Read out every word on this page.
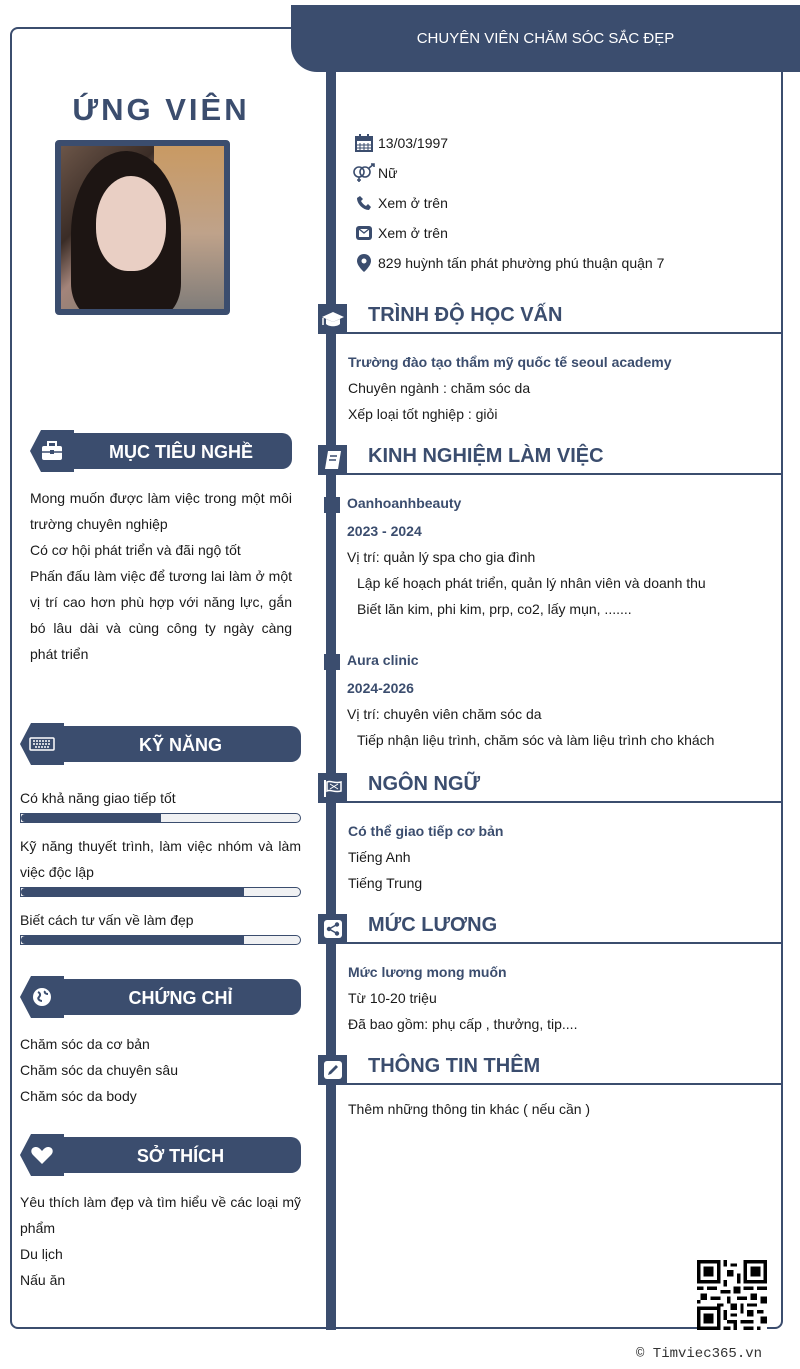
CHUYÊN VIÊN CHĂM SÓC SẮC ĐẸP
ỨNG VIÊN
13/03/1997
Nữ
Xem ở trên
Xem ở trên
829 huỳnh tấn phát phường phú thuận quận 7
TRÌNH ĐỘ HỌC VẤN
Trường đào tạo thẩm mỹ quốc tế seoul academy
Chuyên ngành : chăm sóc da
Xếp loại tốt nghiệp : giỏi
KINH NGHIỆM LÀM VIỆC
Oanhoanhbeauty
2023 - 2024
Vị trí: quản lý spa cho gia đình
Lập kế hoạch phát triển, quản lý nhân viên và doanh thu
Biết lăn kim, phi kim, prp, co2, lấy mụn, .......
Aura clinic
2024-2026
Vị trí: chuyên viên chăm sóc da
Tiếp nhận liệu trình, chăm sóc và làm liệu trình cho khách
NGÔN NGỮ
Có thể giao tiếp cơ bản
Tiếng Anh
Tiếng Trung
MỨC LƯƠNG
Mức lương mong muốn
Từ 10-20 triệu
Đã bao gồm: phụ cấp , thưởng, tip....
THÔNG TIN THÊM
Thêm những thông tin khác ( nếu cần )
MỤC TIÊU NGHỀ
Mong muốn được làm việc trong một môi trường chuyên nghiệp
Có cơ hội phát triển và đãi ngộ tốt
Phấn đấu làm việc để tương lai làm ở một vị trí cao hơn phù hợp với năng lực, gắn bó lâu dài và cùng công ty ngày càng phát triển
KỸ NĂNG
Có khả năng giao tiếp tốt
Kỹ năng thuyết trình, làm việc nhóm và làm việc độc lập
Biết cách tư vấn về làm đẹp
CHỨNG CHỈ
Chăm sóc da cơ bản
Chăm sóc da chuyên sâu
Chăm sóc da body
SỞ THÍCH
Yêu thích làm đẹp và tìm hiểu về các loại mỹ phẩm
Du lịch
Nấu ăn
© Timviec365.vn
